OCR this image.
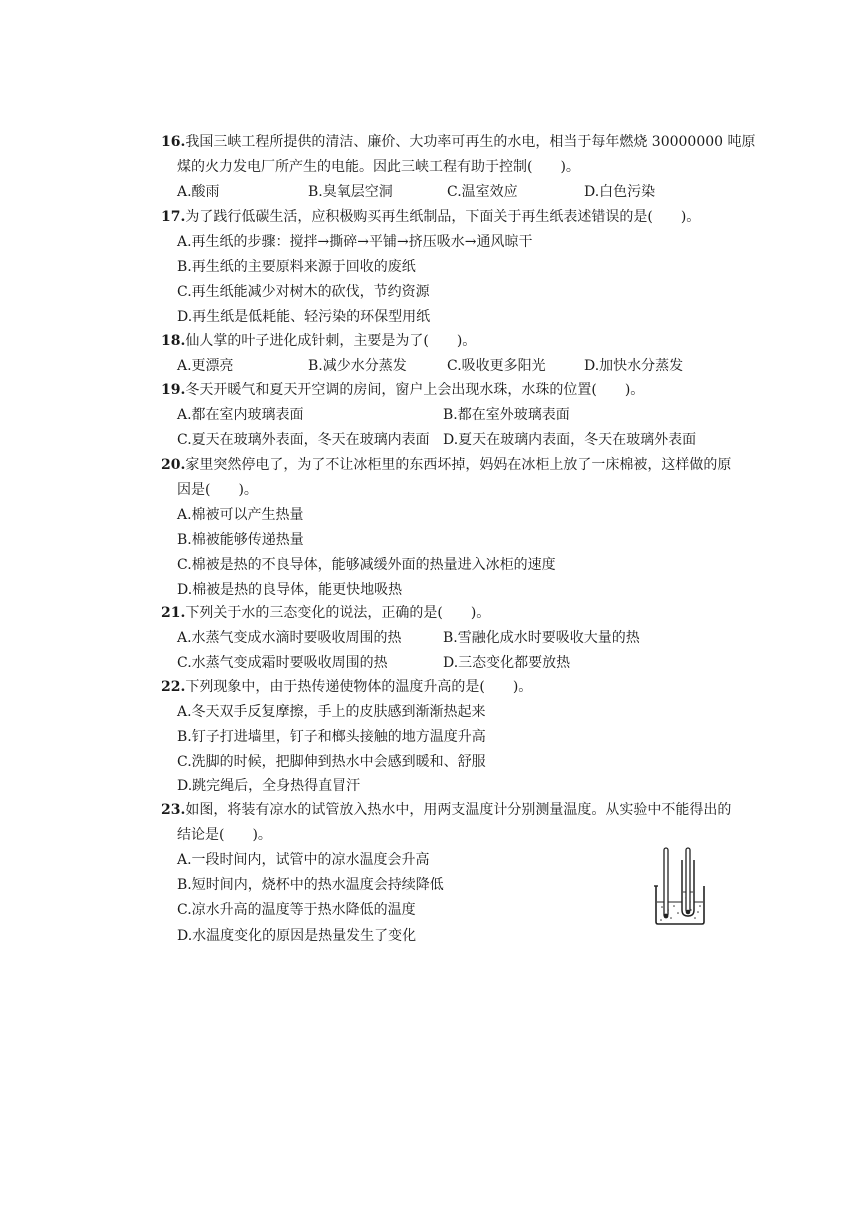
16.我国三峡工程所提供的清洁、廉价、大功率可再生的水电，相当于每年燃烧 30000000 吨原
煤的火力发电厂所产生的电能。因此三峡工程有助于控制(　　)。
A.酸雨	B.臭氧层空洞	C.温室效应	D.白色污染
17.为了践行低碳生活，应积极购买再生纸制品，下面关于再生纸表述错误的是(　　)。
A.再生纸的步骤：搅拌→撕碎→平铺→挤压吸水→通风晾干
B.再生纸的主要原料来源于回收的废纸
C.再生纸能减少对树木的砍伐，节约资源
D.再生纸是低耗能、轻污染的环保型用纸
18.仙人掌的叶子进化成针刺，主要是为了(　　)。
A.更漂亮	B.减少水分蒸发	C.吸收更多阳光	D.加快水分蒸发
19.冬天开暖气和夏天开空调的房间，窗户上会出现水珠，水珠的位置(　　)。
A.都在室内玻璃表面	B.都在室外玻璃表面
C.夏天在玻璃外表面，冬天在玻璃内表面 D.夏天在玻璃内表面，冬天在玻璃外表面
20.家里突然停电了，为了不让冰柜里的东西坏掉，妈妈在冰柜上放了一床棉被，这样做的原
因是(　　)。
A.棉被可以产生热量
B.棉被能够传递热量
C.棉被是热的不良导体，能够减缓外面的热量进入冰柜的速度
D.棉被是热的良导体，能更快地吸热
21.下列关于水的三态变化的说法，正确的是(　　)。
A.水蒸气变成水滴时要吸收周围的热	B.雪融化成水时要吸收大量的热
C.水蒸气变成霜时要吸收周围的热	D.三态变化都要放热
22.下列现象中，由于热传递使物体的温度升高的是(　　)。
A.冬天双手反复摩擦，手上的皮肤感到渐渐热起来
B.钉子打进墙里，钉子和榔头接触的地方温度升高
C.洗脚的时候，把脚伸到热水中会感到暖和、舒服
D.跳完绳后，全身热得直冒汗
23.如图，将装有凉水的试管放入热水中，用两支温度计分别测量温度。从实验中不能得出的
结论是(　　)。
A.一段时间内，试管中的凉水温度会升高
B.短时间内，烧杯中的热水温度会持续降低
C.凉水升高的温度等于热水降低的温度
D.水温度变化的原因是热量发生了变化
